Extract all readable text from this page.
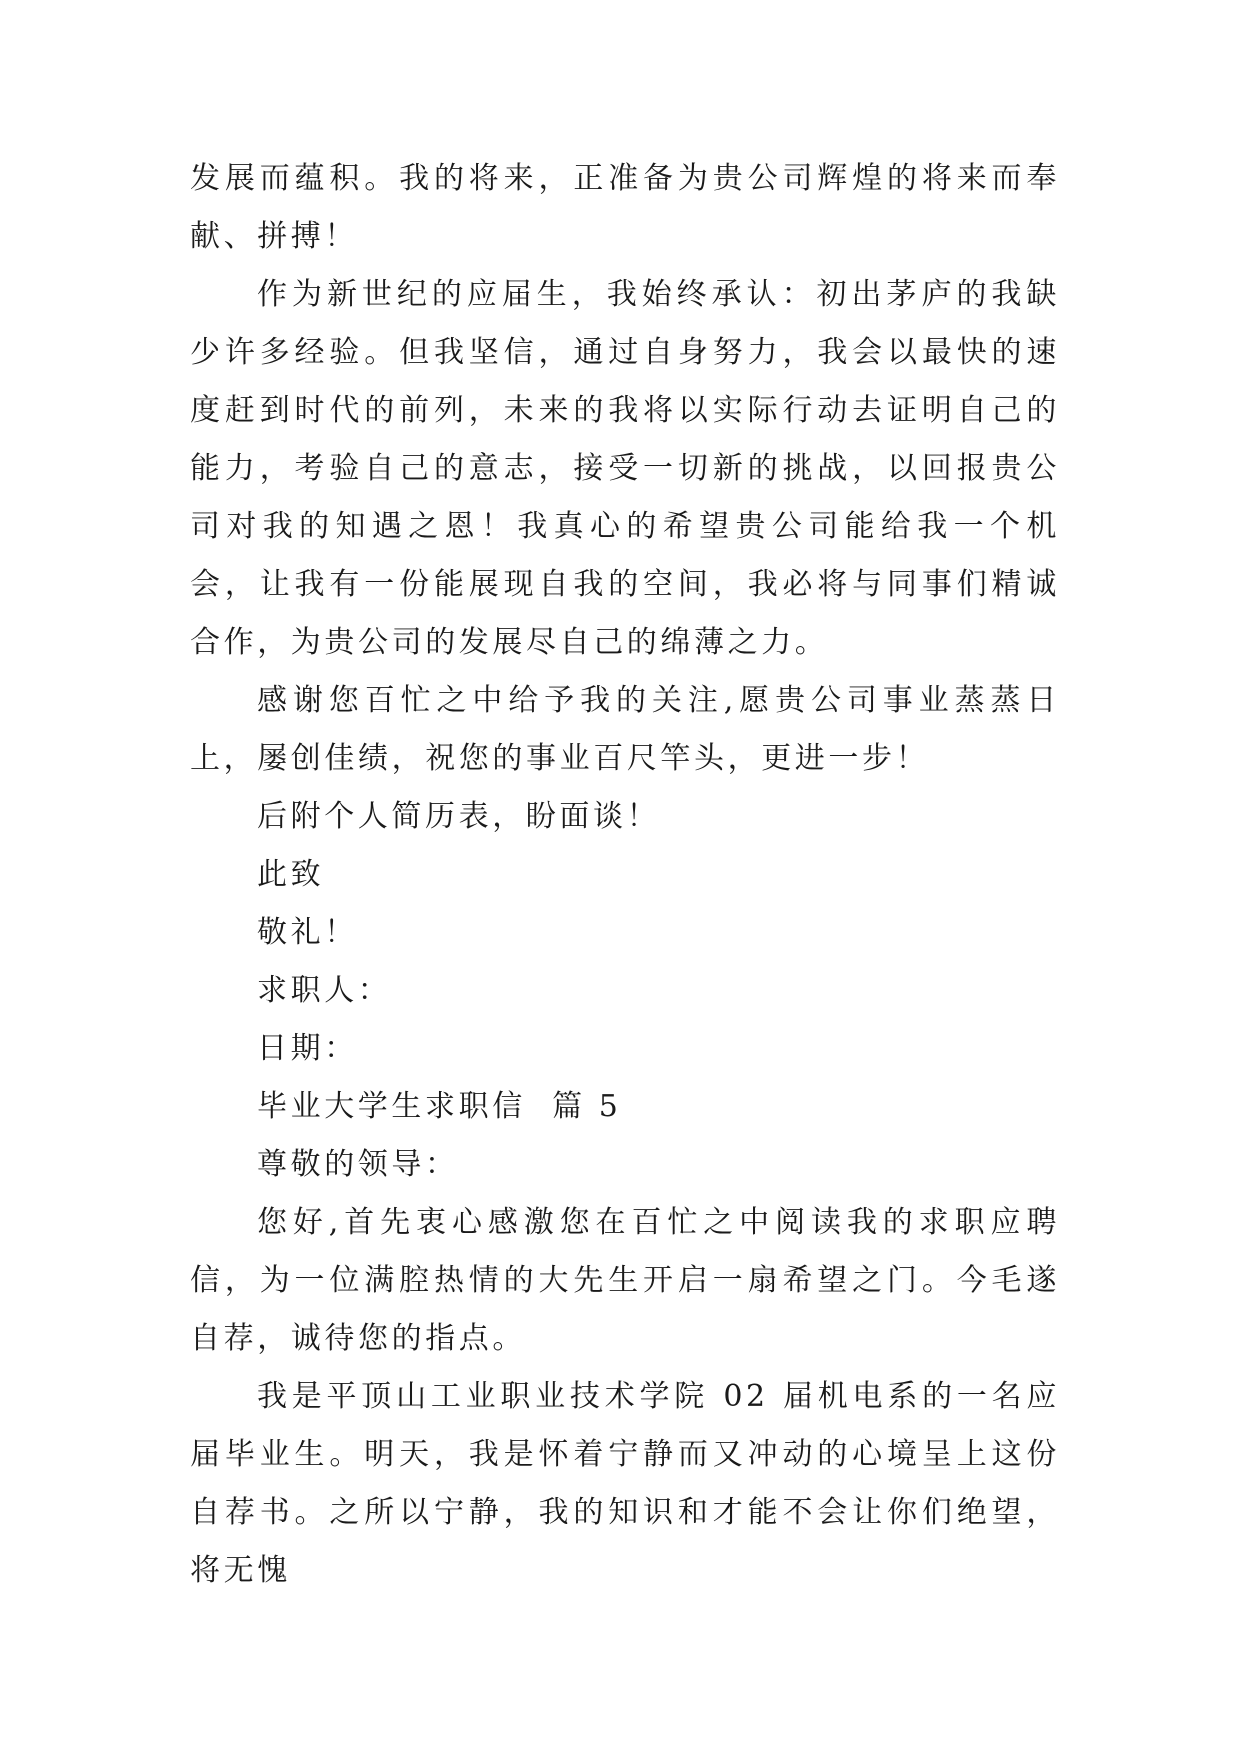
发展而蕴积。我的将来，正准备为贵公司辉煌的将来而奉献、拼搏！

作为新世纪的应届生，我始终承认：初出茅庐的我缺少许多经验。但我坚信，通过自身努力，我会以最快的速度赶到时代的前列，未来的我将以实际行动去证明自己的能力，考验自己的意志，接受一切新的挑战，以回报贵公司对我的知遇之恩！我真心的希望贵公司能给我一个机会，让我有一份能展现自我的空间，我必将与同事们精诚合作，为贵公司的发展尽自己的绵薄之力。

感谢您百忙之中给予我的关注,愿贵公司事业蒸蒸日上，屡创佳绩，祝您的事业百尺竿头，更进一步！

后附个人简历表，盼面谈！

此致

敬礼！

求职人：

日期：

毕业大学生求职信  篇 5

尊敬的领导：

您好,首先衷心感激您在百忙之中阅读我的求职应聘信，为一位满腔热情的大先生开启一扇希望之门。今毛遂自荐，诚待您的指点。

我是平顶山工业职业技术学院 02 届机电系的一名应届毕业生。明天，我是怀着宁静而又冲动的心境呈上这份自荐书。之所以宁静，我的知识和才能不会让你们绝望，将无愧
